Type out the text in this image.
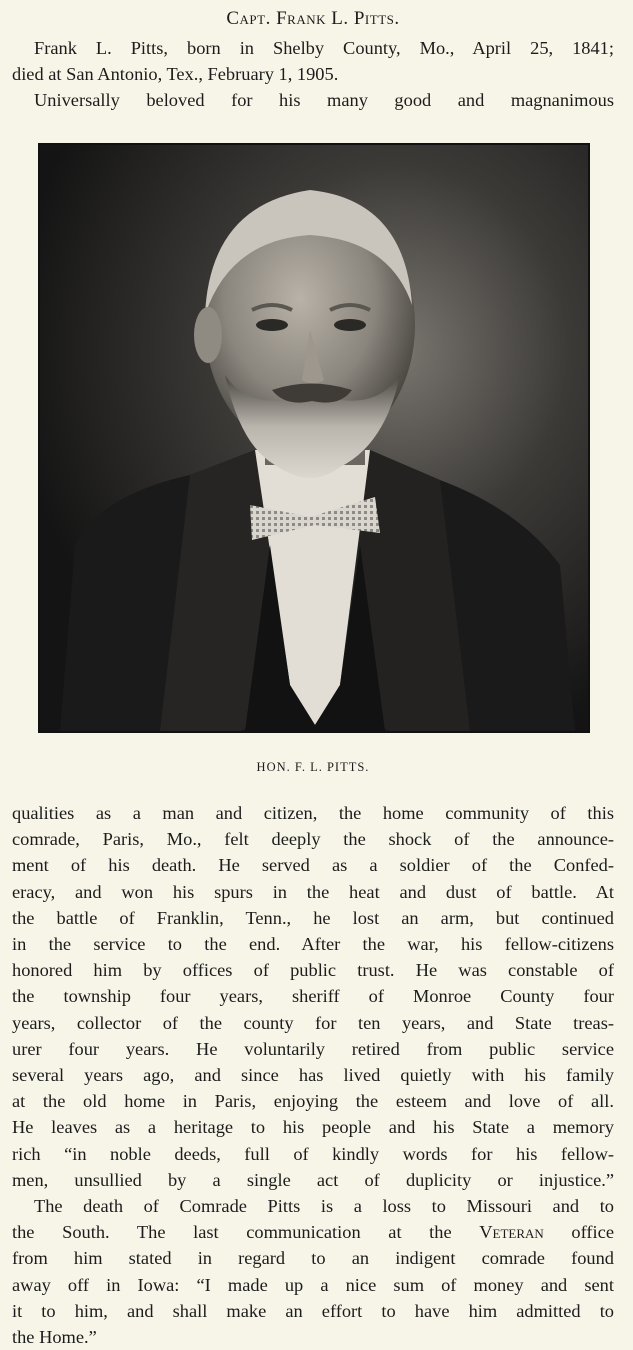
Capt. Frank L. Pitts.

Frank L. Pitts, born in Shelby County, Mo., April 25, 1841;
died at San Antonio, Tex., February 1, 1905.
Universally beloved for his many good and magnanimous

HON. F. L. PITTS.

qualities as a man and citizen, the home community of this
comrade, Paris, Mo., felt deeply the shock of the announce-
ment of his death. He served as a soldier of the Confed-
eracy, and won his spurs in the heat and dust of battle. At
the battle of Franklin, Tenn., he lost an arm, but continued
in the service to the end. After the war, his fellow-citizens
honored him by offices of public trust. He was constable of
the township four years, sheriff of Monroe County four
years, collector of the county for ten years, and State treas-
urer four years. He voluntarily retired from public service
several years ago, and since has lived quietly with his family
at the old home in Paris, enjoying the esteem and love of all.
He leaves as a heritage to his people and his State a memory
rich “in noble deeds, full of kindly words for his fellow-
men, unsullied by a single act of duplicity or injustice.”

The death of Comrade Pitts is a loss to Missouri and to
the South. The last communication at the Veteran office
from him stated in regard to an indigent comrade found
away off in Iowa: “I made up a nice sum of money and sent
it to him, and shall make an effort to have him admitted to
the Home.”
